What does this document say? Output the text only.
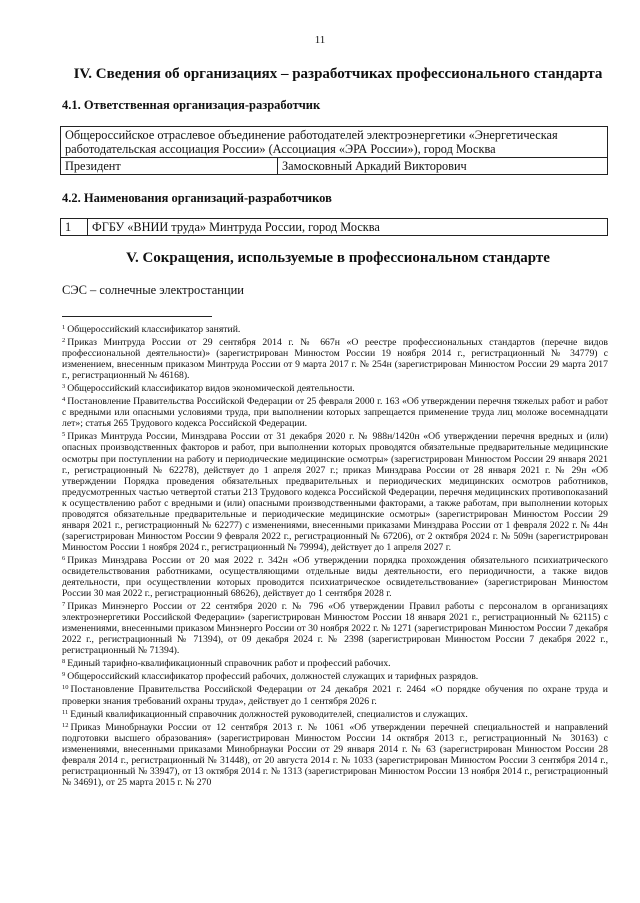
11
IV. Сведения об организациях – разработчиках профессионального стандарта
4.1. Ответственная организация-разработчик
Общероссийское отраслевое объединение работодателей электроэнергетики «Энергетическая работодательская ассоциация России» (Ассоциация «ЭРА России»), город Москва
Президент	Замосковный Аркадий Викторович
4.2. Наименования организаций-разработчиков
1	ФГБУ «ВНИИ труда» Минтруда России, город Москва
V. Сокращения, используемые в профессиональном стандарте
СЭС – солнечные электростанции

$^1$ Общероссийский классификатор занятий.

$^2$ Приказ Минтруда России от 29 сентября 2014 г. № 667н «О реестре профессиональных стандартов (перечне видов профессиональной деятельности)» (зарегистрирован Минюстом России 19 ноября 2014 г., регистрационный № 34779) с изменением, внесенным приказом Минтруда России от 9 марта 2017 г. № 254н (зарегистрирован Минюстом России 29 марта 2017 г., регистрационный № 46168).

$^3$ Общероссийский классификатор видов экономической деятельности.

$^4$ Постановление Правительства Российской Федерации от 25 февраля 2000 г. 163 «Об утверждении перечня тяжелых работ и работ с вредными или опасными условиями труда, при выполнении которых запрещается применение труда лиц моложе восемнадцати лет»; статья 265 Трудового кодекса Российской Федерации.

$^5$ Приказ Минтруда России, Минздрава России от 31 декабря 2020 г. № 988н/1420н «Об утверждении перечня вредных и (или) опасных производственных факторов и работ, при выполнении которых проводятся обязательные предварительные медицинские осмотры при поступлении на работу и периодические медицинские осмотры» (зарегистрирован Минюстом России 29 января 2021 г., регистрационный № 62278), действует до 1 апреля 2027 г.; приказ Минздрава России от 28 января 2021 г. № 29н «Об утверждении Порядка проведения обязательных предварительных и периодических медицинских осмотров работников, предусмотренных частью четвертой статьи 213 Трудового кодекса Российской Федерации, перечня медицинских противопоказаний к осуществлению работ с вредными и (или) опасными производственными факторами, а также работам, при выполнении которых проводятся обязательные предварительные и периодические медицинские осмотры» (зарегистрирован Минюстом России 29 января 2021 г., регистрационный № 62277) с изменениями, внесенными приказами Минздрава России от 1 февраля 2022 г. № 44н (зарегистрирован Минюстом России 9 февраля 2022 г., регистрационный № 67206), от 2 октября 2024 г. № 509н (зарегистрирован Минюстом России 1 ноября 2024 г., регистрационный № 79994), действует до 1 апреля 2027 г.

$^6$ Приказ Минздрава России от 20 мая 2022 г. 342н «Об утверждении порядка прохождения обязательного психиатрического освидетельствования работниками, осуществляющими отдельные виды деятельности, его периодичности, а также видов деятельности, при осуществлении которых проводится психиатрическое освидетельствование» (зарегистрирован Минюстом России 30 мая 2022 г., регистрационный 68626), действует до 1 сентября 2028 г.

$^7$ Приказ Минэнерго России от 22 сентября 2020 г. № 796 «Об утверждении Правил работы с персоналом в организациях электроэнергетики Российской Федерации» (зарегистрирован Минюстом России 18 января 2021 г., регистрационный № 62115) с изменениями, внесенными приказом Минэнерго России от 30 ноября 2022 г. № 1271 (зарегистрирован Минюстом России 7 декабря 2022 г., регистрационный № 71394), от 09 декабря 2024 г. № 2398 (зарегистрирован Минюстом России 7 декабря 2022 г., регистрационный № 71394).

$^8$ Единый тарифно-квалификационный справочник работ и профессий рабочих.

$^9$ Общероссийский классификатор профессий рабочих, должностей служащих и тарифных разрядов.

$^{10}$ Постановление Правительства Российской Федерации от 24 декабря 2021 г. 2464 «О порядке обучения по охране труда и проверки знания требований охраны труда», действует до 1 сентября 2026 г.

$^{11}$ Единый квалификационный справочник должностей руководителей, специалистов и служащих.

$^{12}$ Приказ Минобрнауки России от 12 сентября 2013 г. № 1061 «Об утверждении перечней специальностей и направлений подготовки высшего образования» (зарегистрирован Минюстом России 14 октября 2013 г., регистрационный № 30163) с изменениями, внесенными приказами Минобрнауки России от 29 января 2014 г. № 63 (зарегистрирован Минюстом России 28 февраля 2014 г., регистрационный № 31448), от 20 августа 2014 г. № 1033 (зарегистрирован Минюстом России 3 сентября 2014 г., регистрационный № 33947), от 13 октября 2014 г. № 1313 (зарегистрирован Минюстом России 13 ноября 2014 г., регистрационный № 34691), от 25 марта 2015 г. № 270
